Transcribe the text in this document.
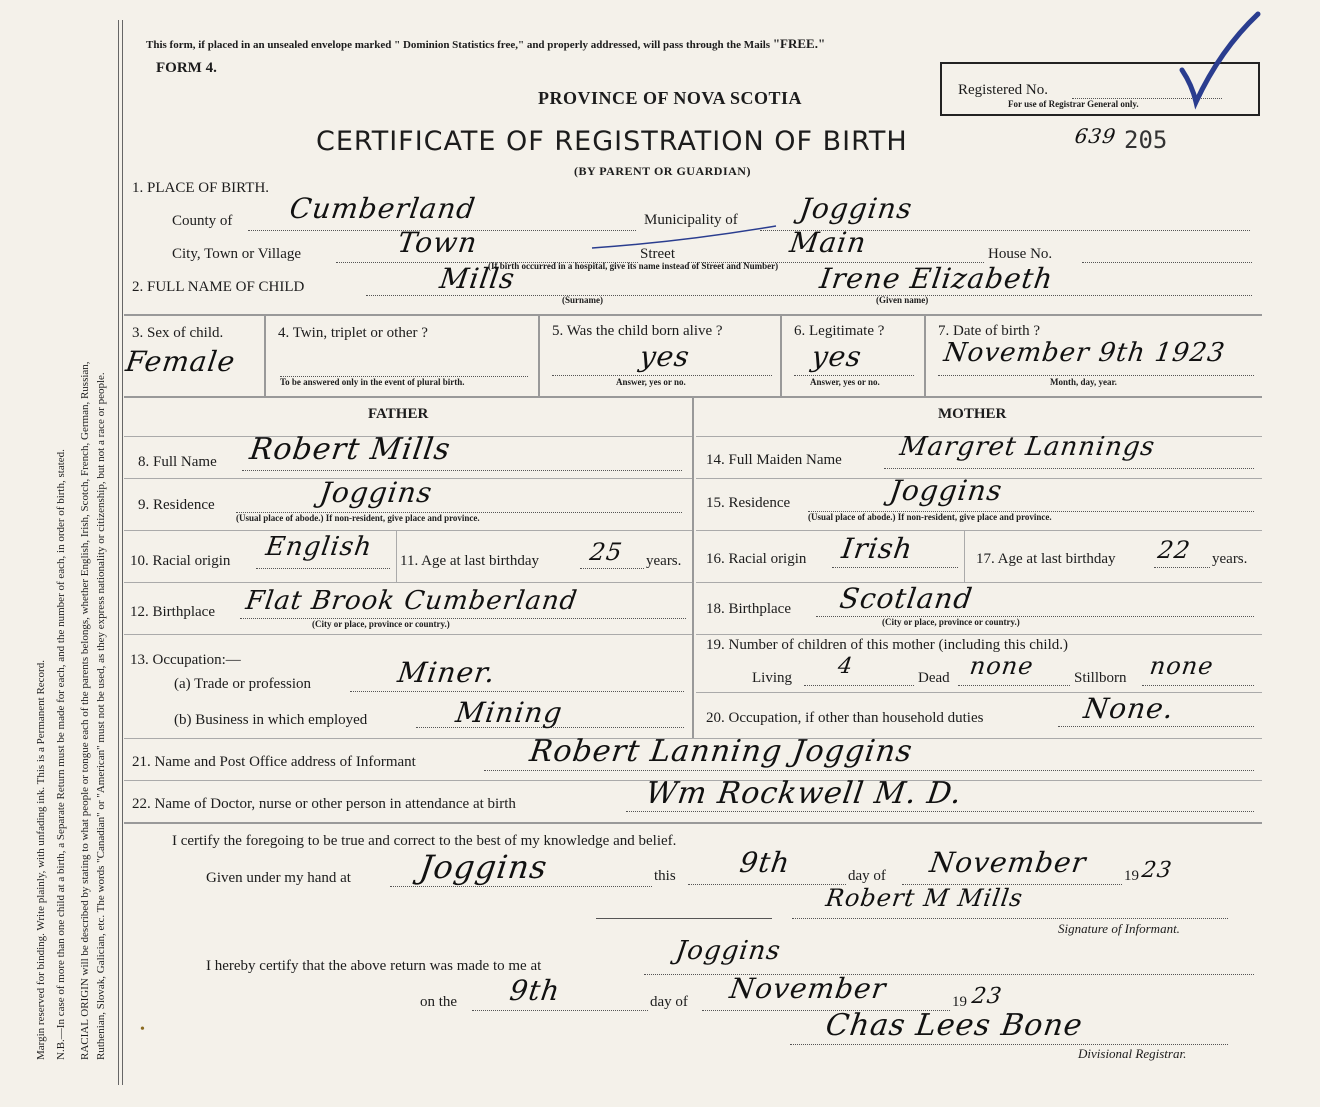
Margin reserved for binding. Write plainly, with unfading ink. This is a Permanent Record. N.B.—In case of more than one child at a birth, a Separate Return must be made for each, and the number of each, in order of birth, stated. RACIAL ORIGIN will be described by stating to what people or tongue each of the parents belongs, whether English, Irish, Scotch, French, German, Russian, Ruthenian, Slovak, Galician, etc. The words "Canadian" or "American" must not be used, as they express nationality or citizenship, but not a race or people.
This form, if placed in an unsealed envelope marked " Dominion Statistics free," and properly addressed, will pass through the Mails "FREE."
FORM 4.
PROVINCE OF NOVA SCOTIA
CERTIFICATE OF REGISTRATION OF BIRTH	639 205
(BY PARENT OR GUARDIAN)
Registered No.
For use of Registrar General only.
1. PLACE OF BIRTH.
County of Cumberland	Municipality of Joggins
City, Town or Village	Town	Street	Main	House No.
(If birth occurred in a hospital, give its name instead of Street and Number)
2. FULL NAME OF CHILD	Mills	Irene Elizabeth
(Surname)	(Given name)
3. Sex of child.
Female
4. Twin, triplet or other ?
To be answered only in the event of plural birth.
5. Was the child born alive ?
yes
Answer, yes or no.
6. Legitimate ?
yes
Answer, yes or no.
7. Date of birth ?
November 9th 1923
Month, day, year.
FATHER
8. Full Name Robert Mills
9. Residence	Joggins
(Usual place of abode.) If non-resident, give place and province.
10. Racial origin English 11. Age at last birthday 25 years.
12. Birthplace Flat Brook Cumberland
(City or place, province or country.)
13. Occupation:—
(a) Trade or profession	Miner.
(b) Business in which employed	Mining
MOTHER
14. Full Maiden Name Margret Lannings
15. Residence	Joggins
(Usual place of abode.) If non-resident, give place and province.
16. Racial origin Irish	17. Age at last birthday 22 years.
18. Birthplace Scotland
(City or place, province or country.)
19. Number of children of this mother (including this child.)
Living 4	Dead none	Stillborn none
20. Occupation, if other than household duties	None.
21. Name and Post Office address of Informant	Robert Lanning Joggins
22. Name of Doctor, nurse or other person in attendance at birth	Wm Rockwell M. D.
I certify the foregoing to be true and correct to the best of my knowledge and belief.
Given under my hand at Joggins	this 9th	day of November 19 23
Robert M Mills
Signature of Informant.
I hereby certify that the above return was made to me at	Joggins
on the 9th	day of November	19 23
•	Chas Lees Bone
Divisional Registrar.
